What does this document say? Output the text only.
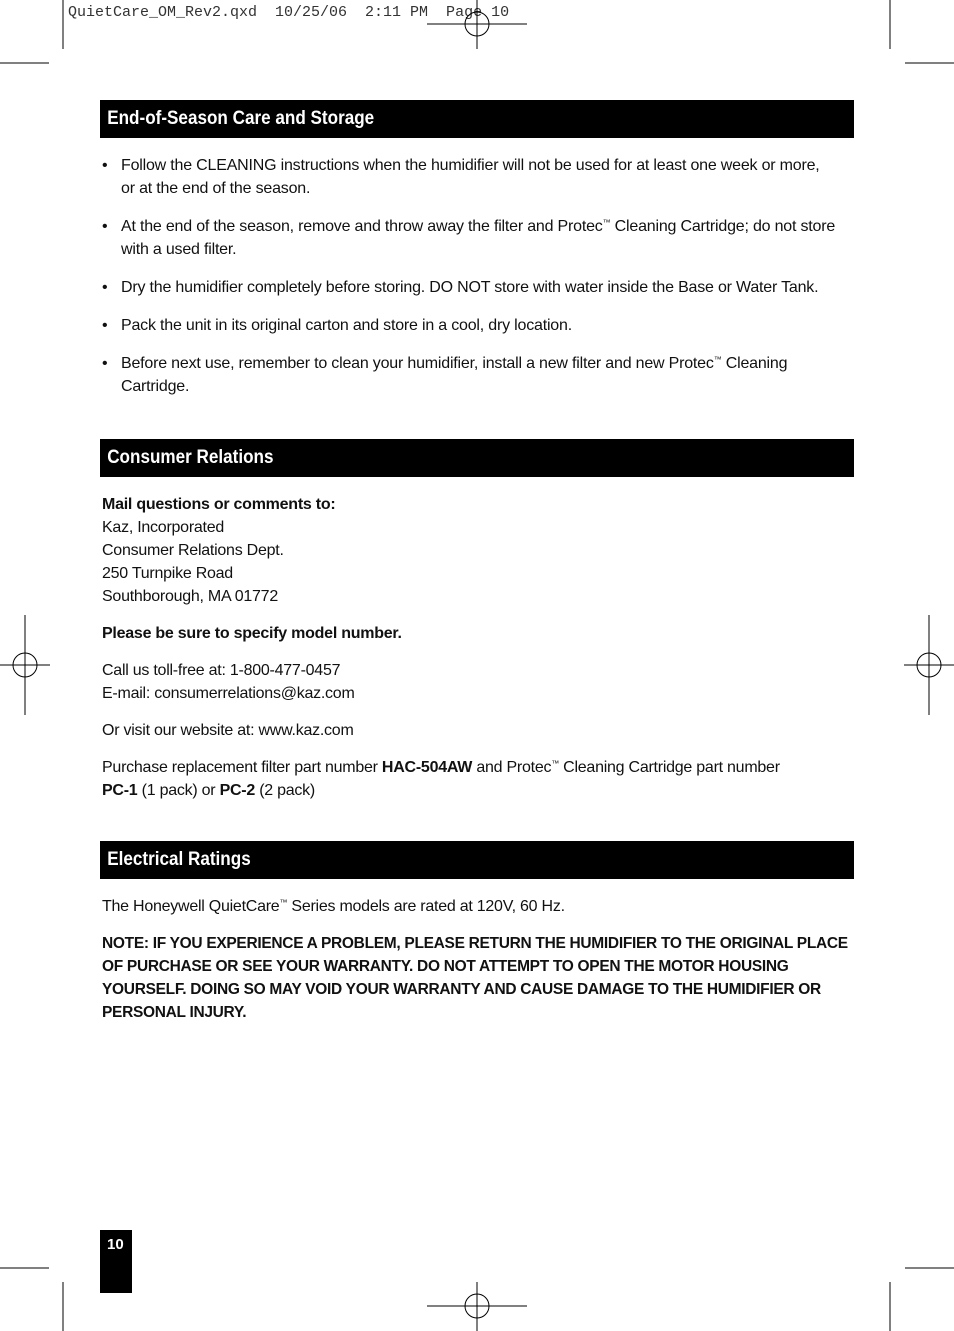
QuietCare_OM_Rev2.qxd  10/25/06  2:11 PM  Page 10
End-of-Season Care and Storage
• Follow the CLEANING instructions when the humidifier will not be used for at least one week or more,
or at the end of the season.
• At the end of the season, remove and throw away the filter and Protec™ Cleaning Cartridge; do not store
with a used filter.
• Dry the humidifier completely before storing. DO NOT store with water inside the Base or Water Tank.
• Pack the unit in its original carton and store in a cool, dry location.
• Before next use, remember to clean your humidifier, install a new filter and new Protec™ Cleaning
Cartridge.
Consumer Relations

Mail questions or comments to:

Kaz, Incorporated
Consumer Relations Dept.
250 Turnpike Road
Southborough, MA 01772

Please be sure to specify model number.

Call us toll-free at: 1-800-477-0457

E-mail: consumerrelations@kaz.com

Or visit our website at: www.kaz.com

Purchase replacement filter part number HAC-504AW and Protec™ Cleaning Cartridge part number
PC-1 (1 pack) or PC-2 (2 pack)

Electrical Ratings

The Honeywell QuietCare™ Series models are rated at 120V, 60 Hz.

NOTE: IF YOU EXPERIENCE A PROBLEM, PLEASE RETURN THE HUMIDIFIER TO THE ORIGINAL PLACE
OF PURCHASE OR SEE YOUR WARRANTY. DO NOT ATTEMPT TO OPEN THE MOTOR HOUSING
YOURSELF. DOING SO MAY VOID YOUR WARRANTY AND CAUSE DAMAGE TO THE HUMIDIFIER OR
PERSONAL INJURY.
10
